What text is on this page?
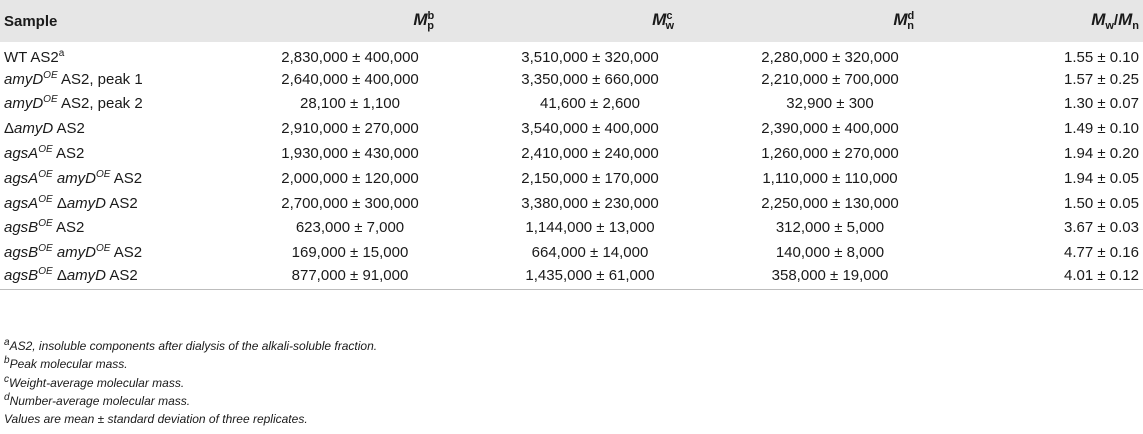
Sample	$M^b_p$	$M^c_w$	$M^d_n$	$M_w/M_n$
WT AS2$^a$	2,830,000 ± 400,000	3,510,000 ± 320,000	2,280,000 ± 320,000	1.55 ± 0.10
amyD$^{OE}$ AS2, peak 1	2,640,000 ± 400,000	3,350,000 ± 660,000	2,210,000 ± 700,000	1.57 ± 0.25
amyD$^{OE}$ AS2, peak 2	28,100 ± 1,100	41,600 ± 2,600	32,900 ± 300	1.30 ± 0.07
ΔamyD AS2	2,910,000 ± 270,000	3,540,000 ± 400,000	2,390,000 ± 400,000	1.49 ± 0.10
agsA$^{OE}$ AS2	1,930,000 ± 430,000	2,410,000 ± 240,000	1,260,000 ± 270,000	1.94 ± 0.20
agsA$^{OE}$ amyD$^{OE}$ AS2	2,000,000 ± 120,000	2,150,000 ± 170,000	1,110,000 ± 110,000	1.94 ± 0.05
agsA$^{OE}$ ΔamyD AS2	2,700,000 ± 300,000	3,380,000 ± 230,000	2,250,000 ± 130,000	1.50 ± 0.05
agsB$^{OE}$ AS2	623,000 ± 7,000	1,144,000 ± 13,000	312,000 ± 5,000	3.67 ± 0.03
agsB$^{OE}$ amyD$^{OE}$ AS2	169,000 ± 15,000	664,000 ± 14,000	140,000 ± 8,000	4.77 ± 0.16
agsB$^{OE}$ ΔamyD AS2	877,000 ± 91,000	1,435,000 ± 61,000	358,000 ± 19,000	4.01 ± 0.12
$^a$AS2, insoluble components after dialysis of the alkali-soluble fraction.
$^b$Peak molecular mass.
$^c$Weight-average molecular mass.
$^d$Number-average molecular mass.
Values are mean ± standard deviation of three replicates.
